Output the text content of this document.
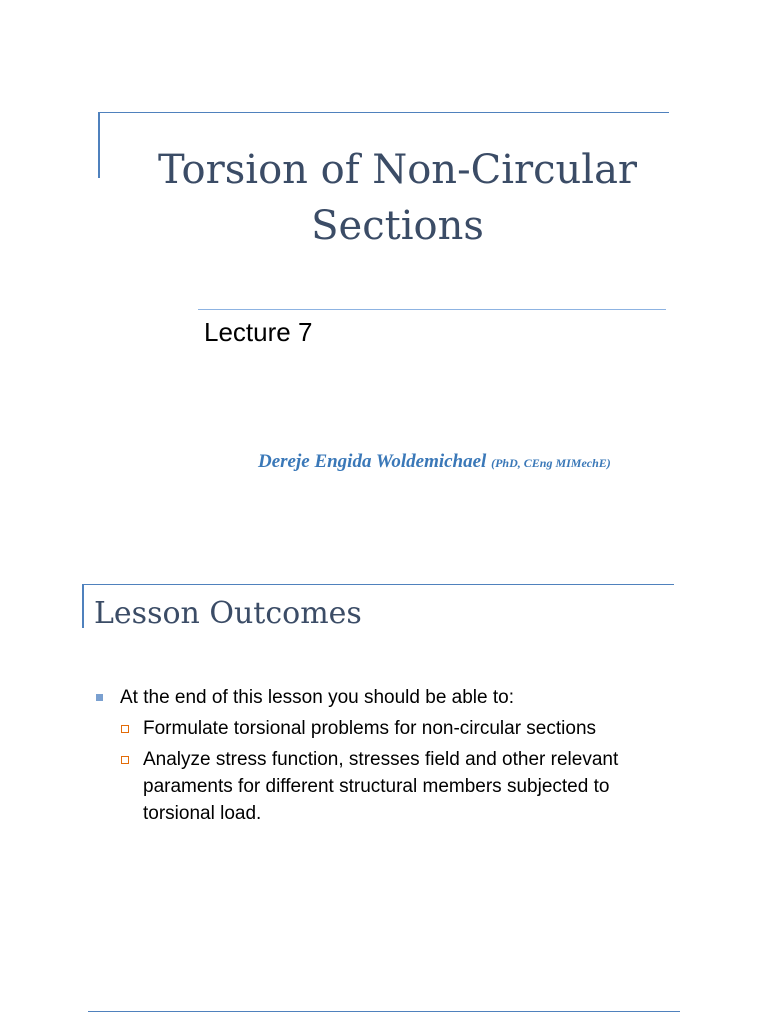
Torsion of Non-Circular
Sections

Lecture 7

Dereje Engida Woldemichael (PhD, CEng MIMechE)
Lesson Outcomes
At the end of this lesson you should be able to:
Formulate torsional problems for non-circular sections
Analyze stress function, stresses field and other relevant paraments for different structural members subjected to torsional load.
